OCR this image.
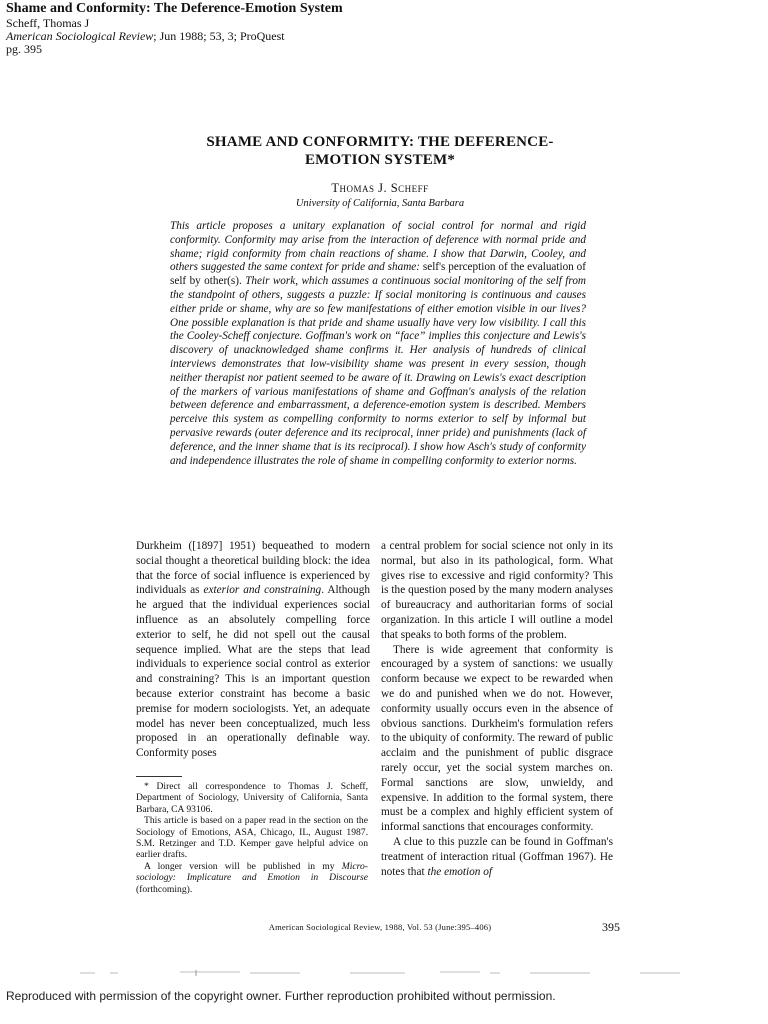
Shame and Conformity: The Deference-Emotion System
Scheff, Thomas J
American Sociological Review; Jun 1988; 53, 3; ProQuest
pg. 395
SHAME AND CONFORMITY: THE DEFERENCE-
EMOTION SYSTEM*
Thomas J. Scheff
University of California, Santa Barbara
This article proposes a unitary explanation of social control for normal and rigid conformity. Conformity may arise from the interaction of deference with normal pride and shame; rigid conformity from chain reactions of shame. I show that Darwin, Cooley, and others suggested the same context for pride and shame: self's perception of the evaluation of self by other(s). Their work, which assumes a continuous social monitoring of the self from the standpoint of others, suggests a puzzle: If social monitoring is continuous and causes either pride or shame, why are so few manifestations of either emotion visible in our lives? One possible explanation is that pride and shame usually have very low visibility. I call this the Cooley-Scheff conjecture. Goffman's work on “face” implies this conjecture and Lewis's discovery of unacknowledged shame confirms it. Her analysis of hundreds of clinical interviews demonstrates that low-visibility shame was present in every session, though neither therapist nor patient seemed to be aware of it. Drawing on Lewis's exact description of the markers of various manifestations of shame and Goffman's analysis of the relation between deference and embarrassment, a deference-emotion system is described. Members perceive this system as compelling conformity to norms exterior to self by informal but pervasive rewards (outer deference and its reciprocal, inner pride) and punishments (lack of deference, and the inner shame that is its reciprocal). I show how Asch's study of conformity and independence illustrates the role of shame in compelling conformity to exterior norms.

Durkheim ([1897] 1951) bequeathed to modern social thought a theoretical building block: the idea that the force of social influence is experienced by individuals as exterior and constraining. Although he argued that the individual experiences social influence as an absolutely compelling force exterior to self, he did not spell out the causal sequence implied. What are the steps that lead individuals to experience social control as exterior and constraining? This is an important question because exterior constraint has become a basic premise for modern sociologists. Yet, an adequate model has never been conceptualized, much less proposed in an operationally definable way. Conformity poses

* Direct all correspondence to Thomas J. Scheff, Department of Sociology, University of California, Santa Barbara, CA 93106.

This article is based on a paper read in the section on the Sociology of Emotions, ASA, Chicago, IL, August 1987. S.M. Retzinger and T.D. Kemper gave helpful advice on earlier drafts.

A longer version will be published in my Micro-sociology: Implicature and Emotion in Discourse (forthcoming).

a central problem for social science not only in its normal, but also in its pathological, form. What gives rise to excessive and rigid conformity? This is the question posed by the many modern analyses of bureaucracy and authoritarian forms of social organization. In this article I will outline a model that speaks to both forms of the problem.

There is wide agreement that conformity is encouraged by a system of sanctions: we usually conform because we expect to be rewarded when we do and punished when we do not. However, conformity usually occurs even in the absence of obvious sanctions. Durkheim's formulation refers to the ubiquity of conformity. The reward of public acclaim and the punishment of public disgrace rarely occur, yet the social system marches on. Formal sanctions are slow, unwieldy, and expensive. In addition to the formal system, there must be a complex and highly efficient system of informal sanctions that encourages conformity.

A clue to this puzzle can be found in Goffman's treatment of interaction ritual (Goffman 1967). He notes that the emotion of

American Sociological Review, 1988, Vol. 53 (June:395–406)	395
Reproduced with permission of the copyright owner. Further reproduction prohibited without permission.
